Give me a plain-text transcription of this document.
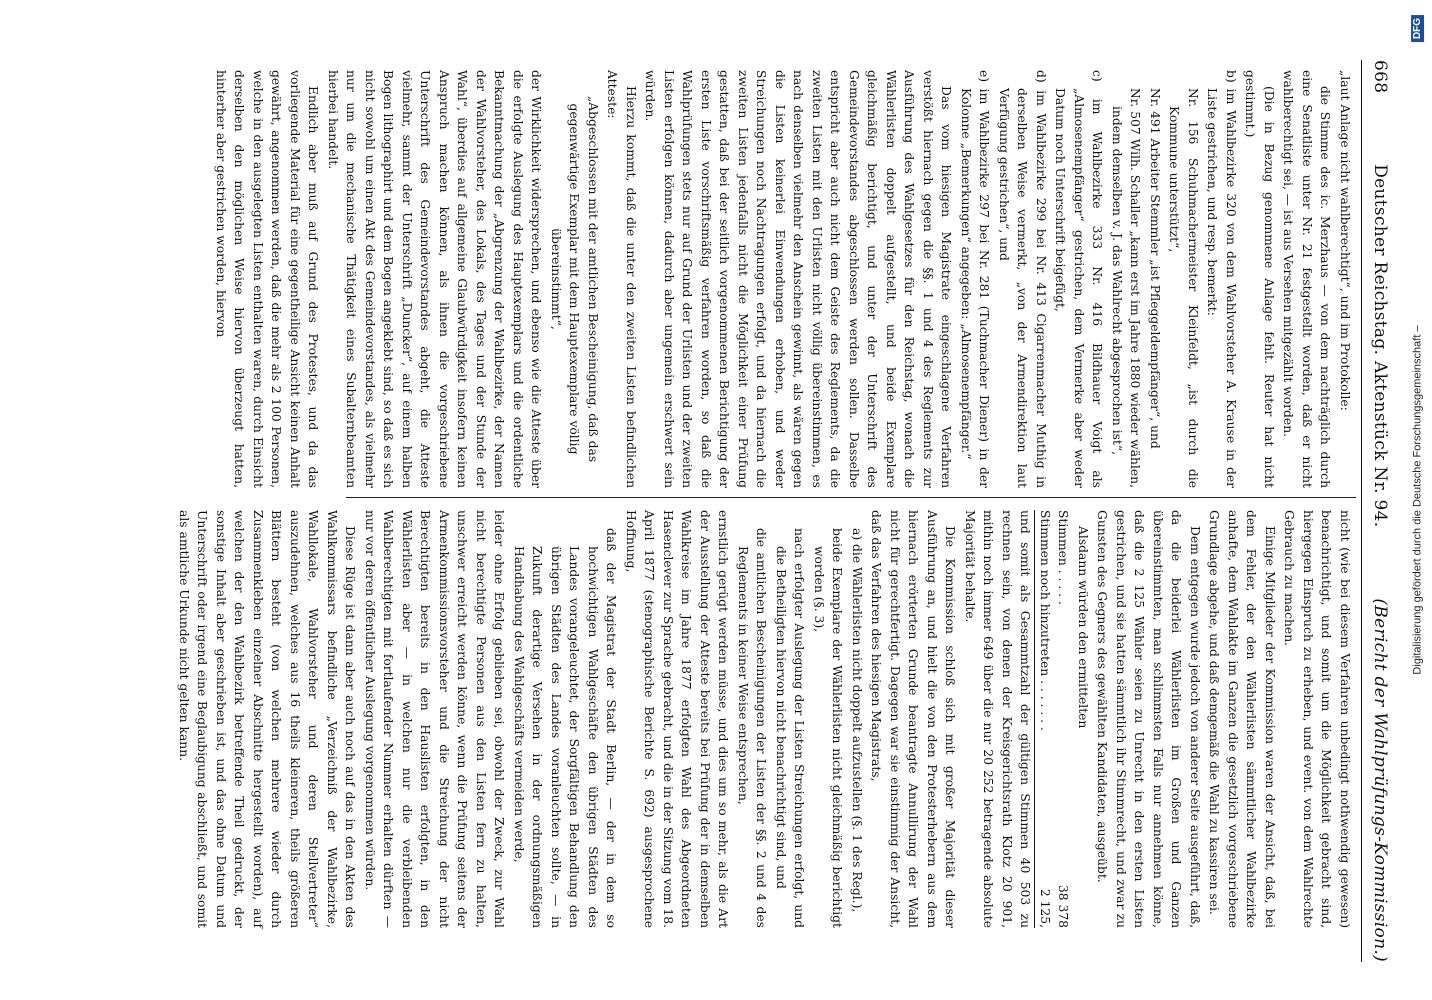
668
Deutscher Reichstag. Aktenstück Nr. 94.
(Bericht der Wahlprüfungs-Kommission.)

„laut Anlage nicht wahlberechtigt“, und im Protokolle:

die Stimme des ic. Merzhaus — von dem nachträglich durch eine Senatliste unter Nr. 21 festgestellt worden, daß er nicht wahlberechtigt sei, — ist aus Versehen mitgezählt worden.

(Die in Bezug genommene Anlage fehlt. Reuter hat nicht gestimmt.)

b) im Wahlbezirke 320 von dem Wahlvorsteher A. Krause in der Liste gestrichen, und resp. bemerkt:

Nr. 156 Schuhmachermeister Kleinfeldt, „ist durch die Kommune unterstützt“,

Nr. 491 Arbeiter Stemmler „ist Pfleggeldempfänger“, und

Nr. 507 Wilh. Schaller „kann erst im Jahre 1880 wieder wählen, indem demselben v. J. das Wahlrecht abgesprochen ist“,

c) im Wahlbezirke 333 Nr. 416 Bildhauer Voigt als „Almosenempfänger“ gestrichen, dem Vermerke aber weder Datum noch Unterschrift beigefügt,

d) im Wahlbezirke 299 bei Nr. 413 Cigarrenmacher Muthig in derselben Weise vermerkt, „von der Armendirektion laut Verfügung gestrichen“, und

e) im Wahlbezirke 297 bei Nr. 281 (Tuchmacher Diener) in der Kolonne „Bemerkungen“ angegeben: „Almosenempfänger.“

Das vom hiesigen Magistrate eingeschlagene Verfahren verstößt hiernach gegen die §§. 1 und 4 des Reglements zur Ausführung des Wahlgesetzes für den Reichstag, wonach die Wählerlisten doppelt aufgestellt, und beide Exemplare gleichmäßig berichtigt, und unter der Unterschrift des Gemeindevorstandes abgeschlossen werden sollen. Dasselbe entspricht aber auch nicht dem Geiste des Reglements, da die zweiten Listen mit den Urlisten nicht völlig übereinstimmen, es nach denselben vielmehr den Anschein gewinnt, als wären gegen die Listen keinerlei Einwendungen erhoben, und weder Streichungen noch Nachtragungen erfolgt, und da hiernach die zweiten Listen jedenfalls nicht die Möglichkeit einer Prüfung gestatten, daß bei der seitlich vorgenommenen Berichtigung der ersten Liste vorschriftsmäßig verfahren worden, so daß die Wahlprüfungen stets nur auf Grund der Urlisten und der zweiten Listen erfolgen können, dadurch aber ungemein erschwert sein würden.

Hierzu kommt, daß die unter den zweiten Listen befindlichen Atteste:

„Abgeschlossen mit der amtlichen Bescheinigung, daß das gegenwärtige Exemplar mit dem Hauptexemplare völlig übereinstimmt“,

der Wirklichkeit widersprechen, und ebenso wie die Atteste über die erfolgte Auslegung des Hauptexemplars und die ordentliche Bekanntmachung der „Abgrenzung der Wahlbezirke, der Namen der Wahlvorsteher, des Lokals, des Tages und der Stunde der Wahl“, überdies auf allgemeine Glaubwürdigkeit insofern keinen Anspruch machen können, als ihnen die vorgeschriebene Unterschrift des Gemeindevorstandes abgeht, die Atteste vielmehr, sammt der Unterschrift „Duncker“, auf einem halben Bogen lithographirt und dem Bogen angeklebt sind, so daß es sich nicht sowohl um einen Akt des Gemeindevorstandes, als vielmehr nur um die mechanische Thätigkeit eines Subalternbeamten hierbei handelt.

Endlich aber muß auf Grund des Protestes, und da das vorliegende Material für eine gegentheilige Ansicht keinen Anhalt gewährt, angenommen werden, daß die mehr als 2 100 Personen, welche in den ausgelegten Listen enthalten waren, durch Einsicht derselben den möglichen Weise hiervon überzeugt hatten, hinterher aber gestrichen worden, hiervon

nicht (wie bei diesem Verfahren unbedingt nothwendig gewesen) benachrichtigt, und somit um die Möglichkeit gebracht sind, hiergegen Einspruch zu erheben, und event. von dem Wahlrechte Gebrauch zu machen.

Einige Mitglieder der Kommission waren der Ansicht, daß, bei dem Fehler, der den Wählerlisten sämmtlicher Wahlbezirke anhafte, dem Wahlakte im Ganzen die gesetzlich vorgeschriebene Grundlage abgehe, und daß demgemäß die Wahl zu kassiren sei.

Dem entgegen wurde jedoch von anderer Seite ausgeführt, daß, da die beiderlei Wählerlisten im Großen und Ganzen übereinstimmten, man schlimmsten Falls nur annehmen könne, daß die 2 125 Wähler seien zu Unrecht in den ersten Listen gestrichen, und sie hatten sämmtlich ihr Stimmrecht, und zwar zu Gunsten des Gegners des gewählten Kandidaten, ausgeübt.

Alsdann würden den ermittelten

Stimmen . . . . .
38 378
Stimmen noch hinzutreten . . . . . . .
2 125,

und somit als Gesammtzahl der gültigen Stimmen 40 503 zu rechnen sein, von denen der Kreisgerichtsrath Klotz 20 901, mithin noch immer 649 über die nur 20 252 betragende absolute Majorität behalte.

Die Kommission schloß sich mit großer Majorität dieser Ausführung an, und hielt die von den Protesterhebern aus dem hiernach erörterten Grunde beantragte Annullirung der Wahl nicht für gerechtfertigt. Dagegen war sie einstimmig der Ansicht, daß das Verfahren des hiesigen Magistrats,

a) die Wählerlisten nicht doppelt aufzustellen (§. 1 des Regl.),

beide Exemplare der Wählerlisten nicht gleichmäßig berichtigt worden (§. 3),

nach erfolgter Auslegung der Listen Streichungen erfolgt, und die Betheiligten hiervon nicht benachrichtigt sind, und

die amtlichen Bescheinigungen der Listen der §§. 2 und 4 des Reglements in keiner Weise entsprechen,

ernstlich gerügt werden müsse, und dies um so mehr, als die Art der Ausstellung der Atteste bereits bei Prüfung der in demselben Wahlkreise im Jahre 1877 erfolgten Wahl des Abgeordneten Hasenclever zur Sprache gebracht, und die in der Sitzung vom 18. April 1877 (stenographische Berichte S. 692) ausgesprochene Hoffnung,

daß der Magistrat der Stadt Berlin, — der in dem so hochwichtigen Wahlgeschäfte den übrigen Städten des Landes vorangeleuchtet, der Sorgfältigen Behandlung den übrigen Städten des Landes voranleuchten sollte, — in Zukunft derartige Versehen in der ordnungsmäßigen Handhabung des Wahlgeschäfts vermeiden werde,

leider ohne Erfolg geblieben sei, obwohl der Zweck, zur Wahl nicht berechtigte Personen aus den Listen fern zu halten, unschwer erreicht werden könne, wenn die Prüfung seitens der Armenkommissionsvorsteher und die Streichung der nicht Berechtigten bereits in den Hauslisten erfolgten, in den Wählerlisten aber — in welchen nur die verbleibenden Wahlberechtigten mit fortlaufender Nummer erhalten dürften — nur vor deren öffentlicher Auslegung vorgenommen würden.

Diese Rüge ist dann aber auch noch auf das in den Akten des Wahlkommissars befindliche „Verzeichniß der Wahlbezirke, Wahllokale, Wahlvorsteher und deren Stellvertreter“ auszudehnen, welches aus 16 theils kleineren, theils größeren Blättern besteht (von welchen mehrere wieder durch Zusammenkleben einzelner Abschnitte hergestellt worden), auf welchen der den Wahlbezirk betreffende Theil gedruckt, der sonstige Inhalt aber geschrieben ist, und das ohne Datum und Unterschrift oder irgend eine Beglaubigung abschließt, und somit als amtliche Urkunde nicht gelten kann.	Digitalisierung gefördert durch die Deutsche Forschungsgemeinschaft –
DFG
